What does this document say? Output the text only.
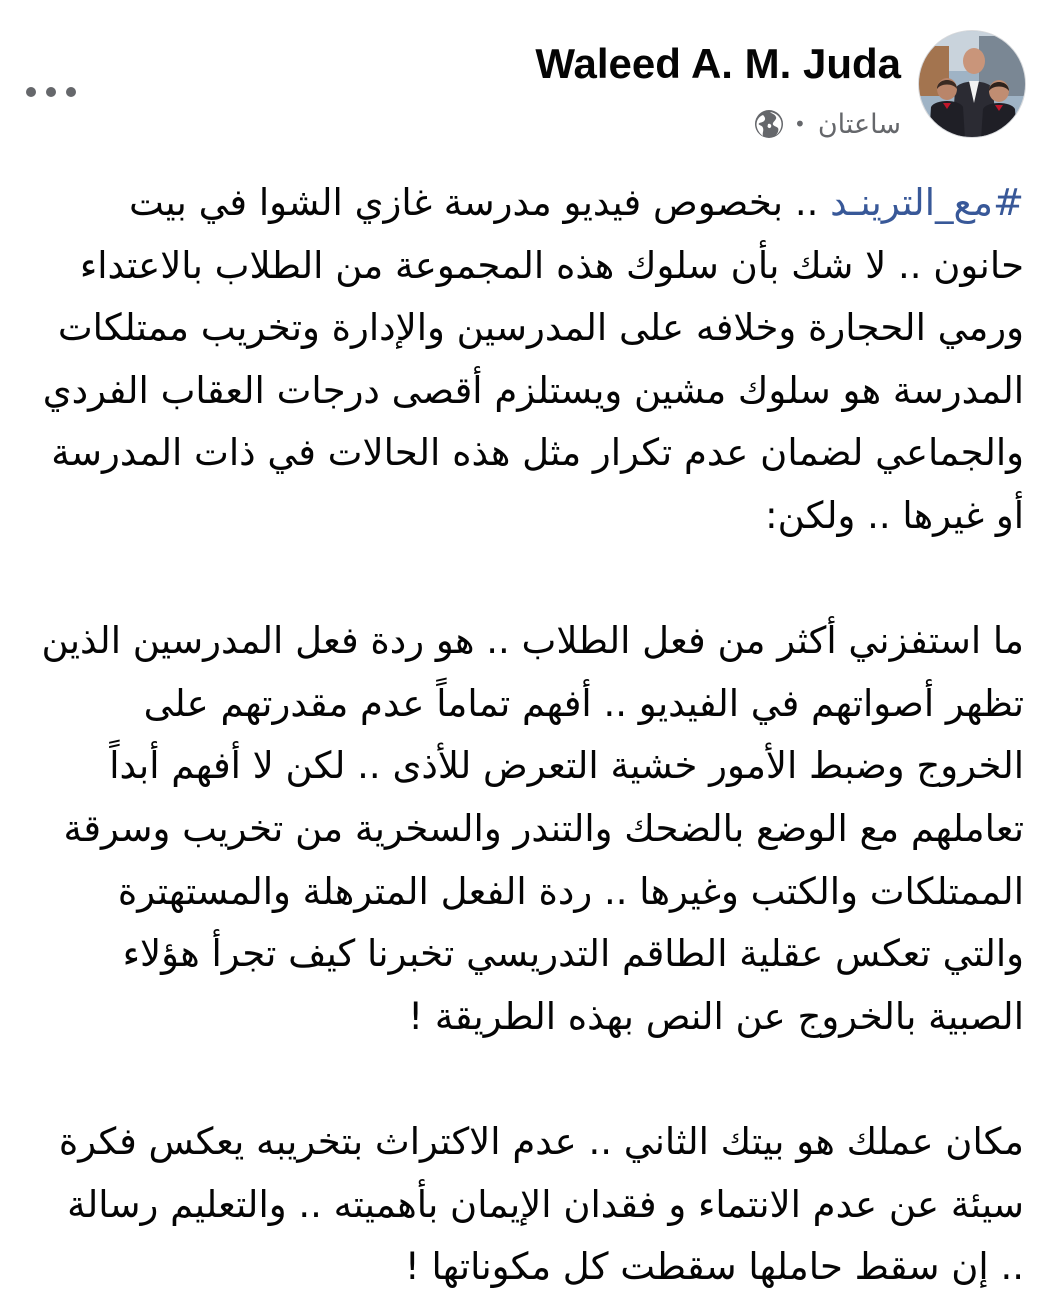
Waleed A. M. Juda
• ساعتان

#مع_الترينـد .. بخصوص فيديو مدرسة غازي الشوا في بيت حانون .. لا شك بأن سلوك هذه المجموعة من الطلاب بالاعتداء ورمي الحجارة وخلافه على المدرسين والإدارة وتخريب ممتلكات المدرسة هو سلوك مشين ويستلزم أقصى درجات العقاب الفردي والجماعي لضمان عدم تكرار مثل هذه الحالات في ذات المدرسة أو غيرها .. ولكن:

ما استفزني أكثر من فعل الطلاب .. هو ردة فعل المدرسين الذين تظهر أصواتهم في الفيديو .. أفهم تماماً عدم مقدرتهم على الخروج وضبط الأمور خشية التعرض للأذى .. لكن لا أفهم أبداً تعاملهم مع الوضع بالضحك والتندر والسخرية من تخريب وسرقة الممتلكات والكتب وغيرها .. ردة الفعل المترهلة والمستهترة والتي تعكس عقلية الطاقم التدريسي تخبرنا كيف تجرأ هؤلاء الصبية بالخروج عن النص بهذه الطريقة !

مكان عملك هو بيتك الثاني .. عدم الاكتراث بتخريبه يعكس فكرة سيئة عن عدم الانتماء و فقدان الإيمان بأهميته .. والتعليم رسالة .. إن سقط حاملها سقطت كل مكوناتها !
